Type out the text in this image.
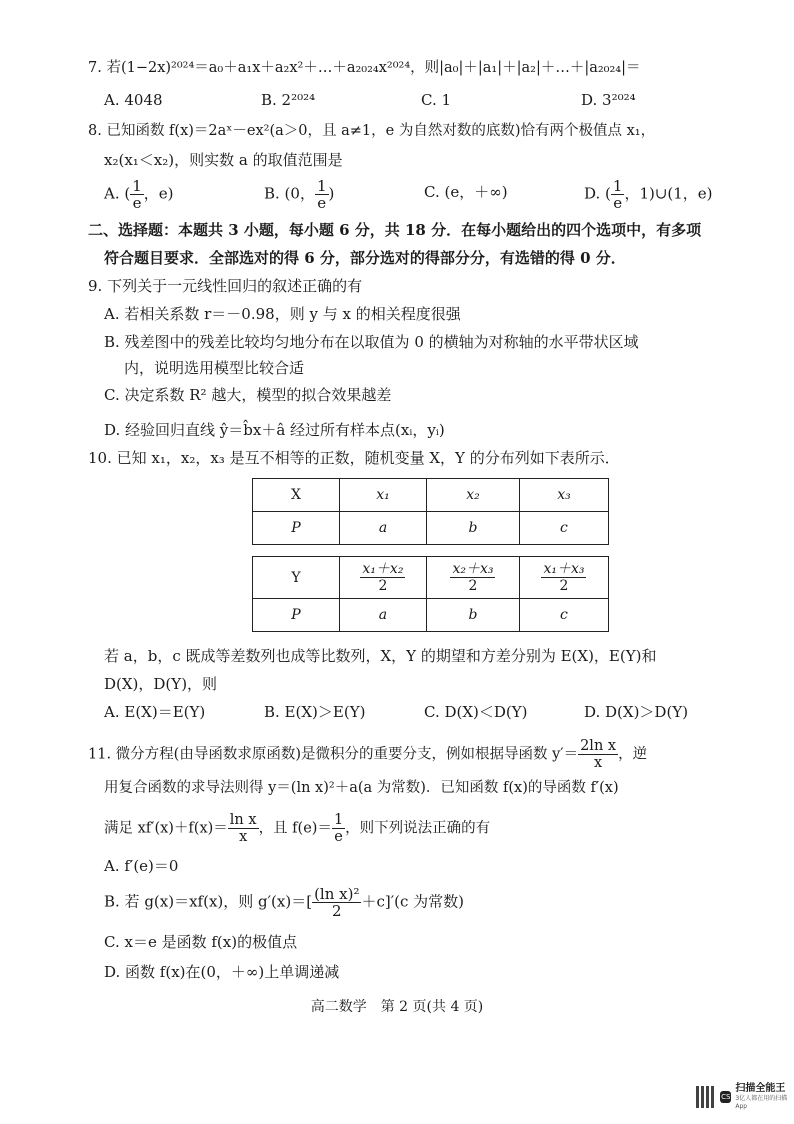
7. 若(1−2x)²⁰²⁴＝a₀＋a₁x＋a₂x²＋…＋a₂₀₂₄x²⁰²⁴，则|a₀|＋|a₁|＋|a₂|＋…＋|a₂₀₂₄|＝
A. 4048	B. 2²⁰²⁴	C. 1	D. 3²⁰²⁴
8. 已知函数 f(x)＝2aˣ－ex²(a＞0，且 a≠1，e 为自然对数的底数)恰有两个极值点 x₁，
x₂(x₁＜x₂)，则实数 a 的取值范围是
A. ( $\frac{1}{e}$ ，e)	B. (0， $\frac{1}{e}$ )	C. (e，＋∞)	D. ( $\frac{1}{e}$ ，1)∪(1，e)
二、选择题：本题共 3 小题，每小题 6 分，共 18 分．在每小题给出的四个选项中，有多项
符合题目要求．全部选对的得 6 分，部分选对的得部分分，有选错的得 0 分．
9. 下列关于一元线性回归的叙述正确的有
A. 若相关系数 r＝－0.98，则 y 与 x 的相关程度很强
B. 残差图中的残差比较均匀地分布在以取值为 0 的横轴为对称轴的水平带状区域
内，说明选用模型比较合适
C. 决定系数 R² 越大，模型的拟合效果越差
D. 经验回归直线 ŷ＝b̂x＋â 经过所有样本点(xᵢ，yᵢ)
10. 已知 x₁，x₂，x₃ 是互不相等的正数，随机变量 X，Y 的分布列如下表所示．
X	x₁	x₂	x₃
P	a	b	c
Y	$\frac{\text{x₁＋x₂}}{2}$	$\frac{\text{x₂＋x₃}}{2}$	$\frac{\text{x₁＋x₃}}{2}$

P	a	b	c
若 a，b，c 既成等差数列也成等比数列，X，Y 的期望和方差分别为 E(X)，E(Y)和
D(X)，D(Y)，则
A. E(X)＝E(Y)	B. E(X)＞E(Y)	C. D(X)＜D(Y)	D. D(X)＞D(Y)
11. 微分方程(由导函数求原函数)是微积分的重要分支，例如根据导函数 $y'= \frac{\text{2ln x}}{x}$ ，逆
用复合函数的求导法则得 y＝(ln x)²＋a(a 为常数)．已知函数 f(x)的导函数 f′(x)
满足 $xf'(x)+f(x)= \frac{\text{ln x}}{x}$ ，且 $f(e)= \frac{1}{e}$ ，则下列说法正确的有
A. f′(e)＝0
B. 若 g(x)＝xf(x)，则 $g'(x)=[ \frac{\text{(ln x)²}}{2} +c]'(c$ 为常数)
C. x＝e 是函数 f(x)的极值点
D. 函数 f(x)在(0，＋∞)上单调递减
高二数学　第 2 页(共 4 页)
CS
扫描全能王
3亿人都在用的扫描App
